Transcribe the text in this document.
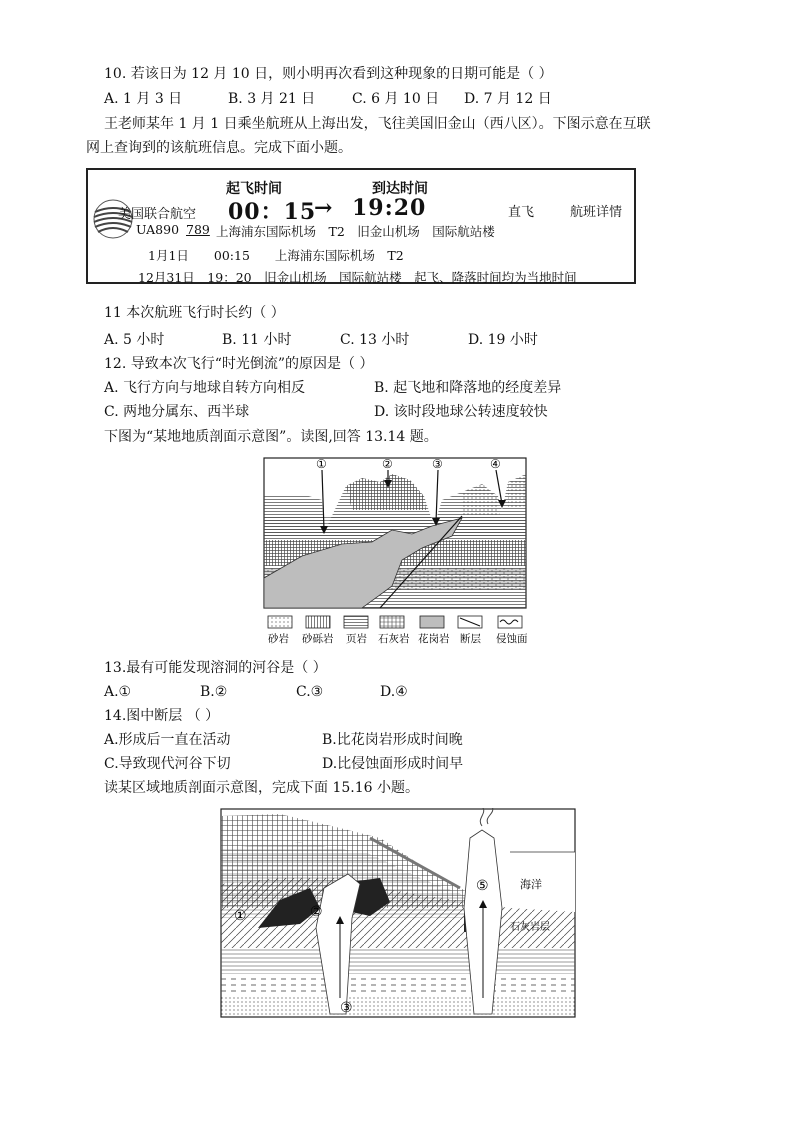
10. 若该日为 12 月 10 日，则小明再次看到这种现象的日期可能是（ ）
A. 1 月 3 日	B. 3 月 21 日	C. 6 月 10 日 D. 7 月 12 日
王老师某年 1 月 1 日乘坐航班从上海出发，飞往美国旧金山（西八区）。下图示意在互联
网上查询到的该航班信息。完成下面小题。
起飞时间	到达时间
美国联合航空 00：15
→ 19:20	直飞	航班详情
UA890 789 上海浦东国际机场　T2　旧金山机场　国际航站楼
1月1日　　00:15　　上海浦东国际机场　T2
12月31日　19：20　旧金山机场　国际航站楼　起飞、降落时间均为当地时间
11 本次航班飞行时长约（ ）
A. 5 小时	B. 11 小时	C. 13 小时	D. 19 小时
12. 导致本次飞行“时光倒流”的原因是（ ）
A. 飞行方向与地球自转方向相反	B. 起飞地和降落地的经度差异
C. 两地分属东、西半球	D. 该时段地球公转速度较快
下图为“某地地质剖面示意图”。读图,回答 13.14 题。
①	②	③	④
砂岩 砂砾岩 页岩 石灰岩 花岗岩 断层 侵蚀面
13.最有可能发现溶洞的河谷是（ ）
A.①	B.②	C.③	D.④
14.图中断层 （ ）
A.形成后一直在活动	B.比花岗岩形成时间晚
C.导致现代河谷下切	D.比侵蚀面形成时间早
读某区域地质剖面示意图，完成下面 15.16 小题。
①	②
③
④
⑤	海洋
石灰岩层
